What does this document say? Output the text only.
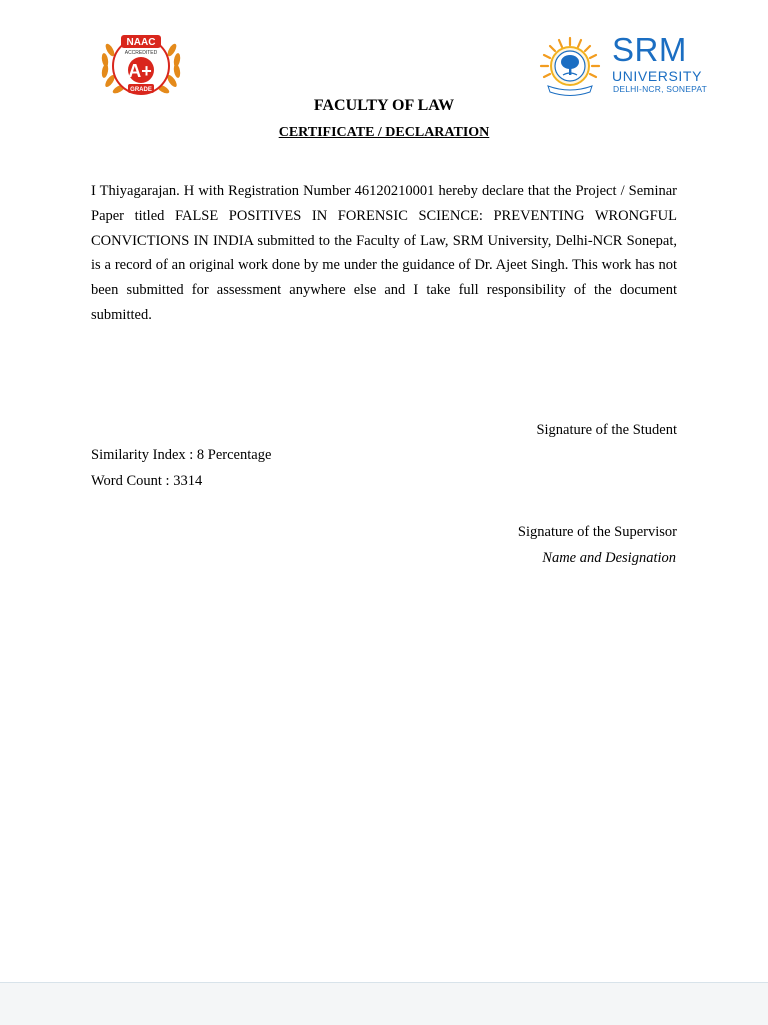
NAAC
ACCREDITED
A+
GRADE
SRM
UNIVERSITY
DELHI-NCR, SONEPAT
FACULTY OF LAW
CERTIFICATE / DECLARATION

I Thiyagarajan. H with Registration Number 46120210001 hereby declare that the Project / Seminar Paper titled FALSE POSITIVES IN FORENSIC SCIENCE: PREVENTING WRONGFUL CONVICTIONS IN INDIA submitted to the Faculty of Law, SRM University, Delhi-NCR Sonepat, is a record of an original work done by me under the guidance of Dr. Ajeet Singh. This work has not been submitted for assessment anywhere else and I take full responsibility of the document submitted.

Signature of the Student
Similarity Index : 8 Percentage
Word Count : 3314
Signature of the Supervisor
Name and Designation
